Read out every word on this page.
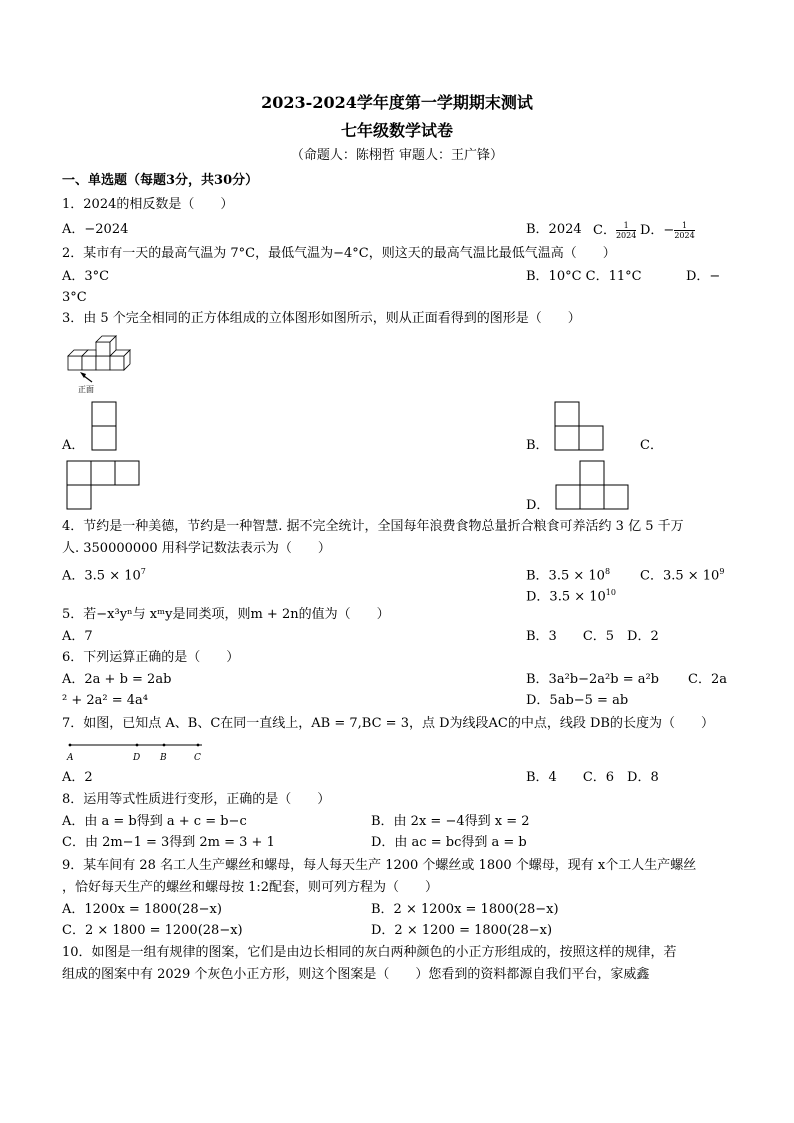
2023-2024学年度第一学期期末测试
七年级数学试卷
（命题人：陈栩哲 审题人：王广锋）
一、单选题（每题3分，共30分）
1．2024的相反数是（　　）
A．−2024	B．2024 C． $\frac{1}{2024}$ D．− $\frac{1}{2024}$
2．某市有一天的最高气温为 7°C，最低气温为−4°C，则这天的最高气温比最低气温高（　　）
A．3°C	B．10°C C．11°C	D．−
3°C
3．由 5 个完全相同的正方体组成的立体图形如图所示，则从正面看得到的图形是（　　）
正面
A．	B．	C．
D．
4．节约是一种美德，节约是一种智慧. 据不完全统计，全国每年浪费食物总量折合粮食可养活约 3 亿 5 千万
人. 350000000 用科学记数法表示为（　　）
A．$3.5 \times 10^7$	B．$3.5 \times 10^8$ C．$3.5 \times 10^9$
D．$3.5 \times 10^{10}$
5．若−x³yⁿ与 xᵐy是同类项，则m + 2n的值为（　　）
A．7	B．3　　C．5　D．2
6．下列运算正确的是（　　）
A．2a + b = 2ab	B．3a²b−2a²b = a²b C．2a
² + 2a² = 4a⁴	D．5ab−5 = ab
7．如图，已知点 A、B、C在同一直线上，AB = 7,BC = 3，点 D为线段AC的中点，线段 DB的长度为（　　）
A	D B	C
A．2	B．4　　C．6　D．8
8．运用等式性质进行变形，正确的是（　　）
A．由 a = b得到 a + c = b−c	B．由 2x = −4得到 x = 2
C．由 2m−1 = 3得到 2m = 3 + 1	D．由 ac = bc得到 a = b
9．某车间有 28 名工人生产螺丝和螺母，每人每天生产 1200 个螺丝或 1800 个螺母，现有 x个工人生产螺丝
，恰好每天生产的螺丝和螺母按 1:2配套，则可列方程为（　　）
A．1200x = 1800(28−x)	B．2 × 1200x = 1800(28−x)
C．2 × 1800 = 1200(28−x)	D．2 × 1200 = 1800(28−x)
10．如图是一组有规律的图案，它们是由边长相同的灰白两种颜色的小正方形组成的，按照这样的规律，若
组成的图案中有 2029 个灰色小正方形，则这个图案是（　　）您看到的资料都源自我们平台，家威鑫
